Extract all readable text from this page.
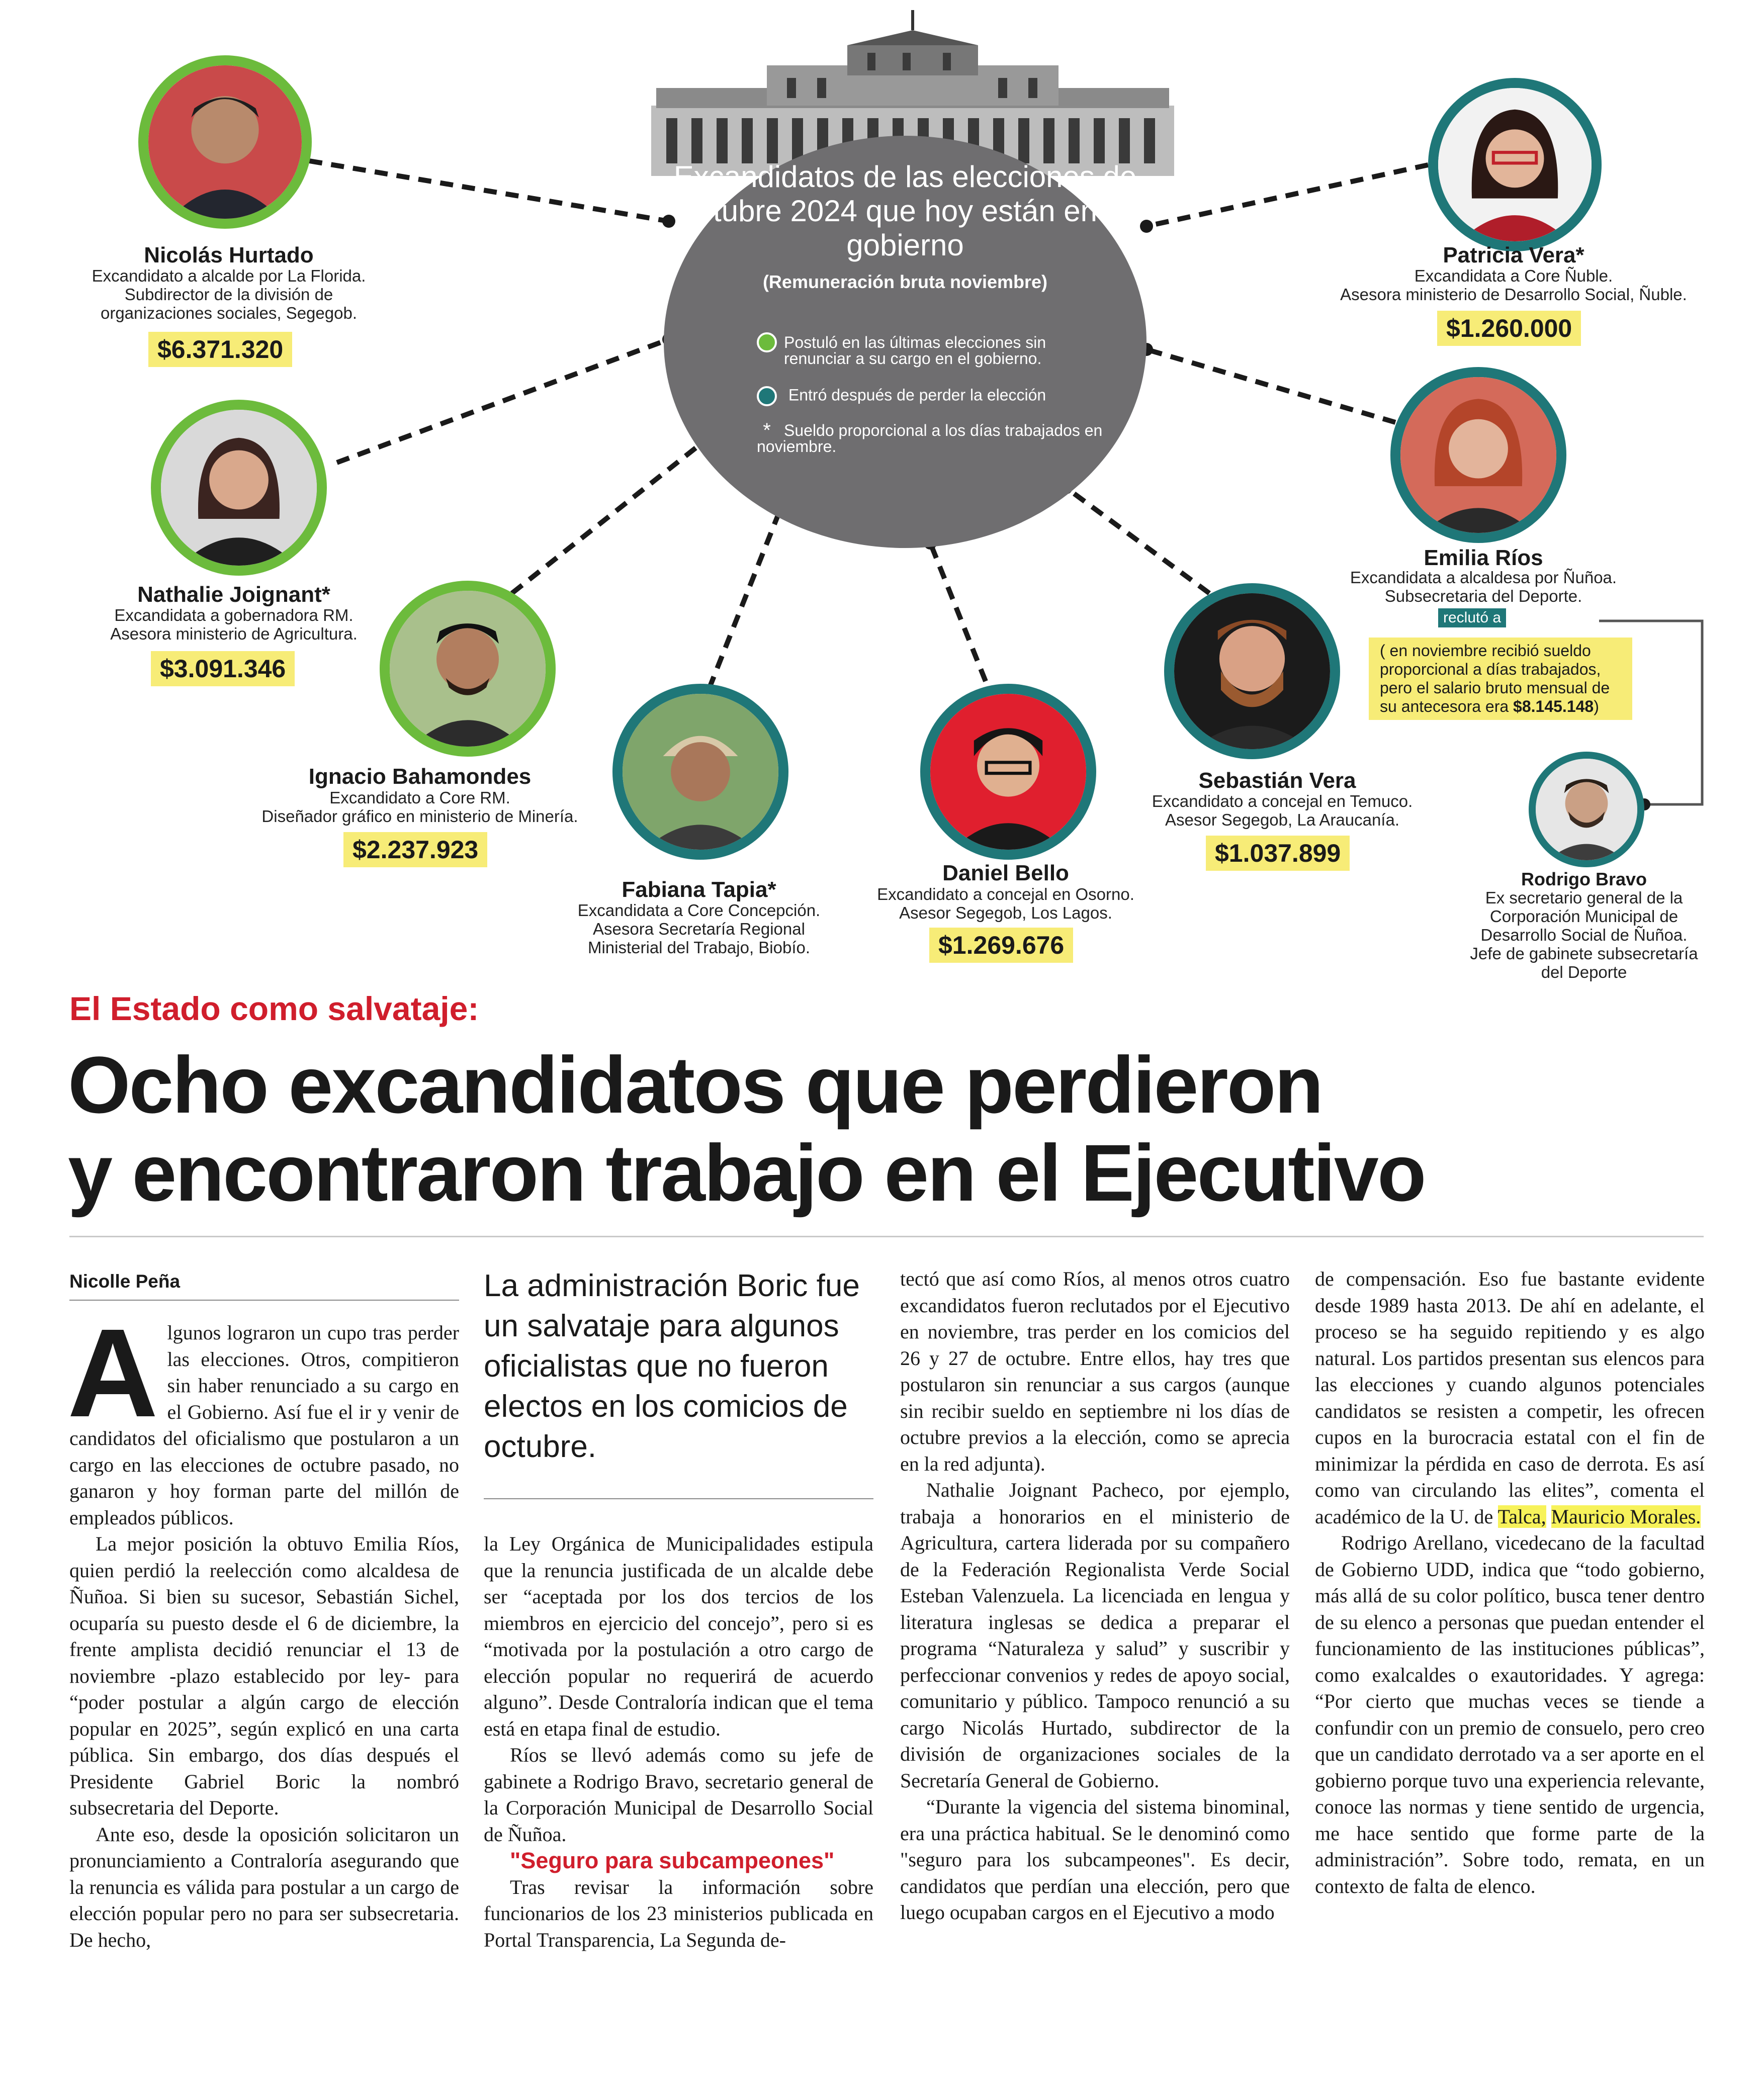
Excandidatos de las elecciones de octubre 2024 que hoy están en el gobierno
(Remuneración bruta noviembre)
Postuló en las últimas elecciones sin renunciar a su cargo en el gobierno.
Entró después de perder la elección
* Sueldo proporcional a los días trabajados en noviembre.
Nicolás Hurtado
Excandidato a alcalde por La Florida.
Subdirector de la división de
organizaciones sociales, Segegob.
$6.371.320
Nathalie Joignant*
Excandidata a gobernadora RM.
Asesora ministerio de Agricultura.
$3.091.346
Ignacio Bahamondes
Excandidato a Core RM.
Diseñador gráfico en ministerio de Minería.
$2.237.923
Fabiana Tapia*
Excandidata a Core Concepción.
Asesora Secretaría Regional
Ministerial del Trabajo, Biobío.
Daniel Bello
Excandidato a concejal en Osorno.
Asesor Segegob, Los Lagos.
$1.269.676
Sebastián Vera
Excandidato a concejal en Temuco.
Asesor Segegob, La Araucanía.
$1.037.899
Emilia Ríos
Excandidata a alcaldesa por Ñuñoa.
Subsecretaria del Deporte.
reclutó a
( en noviembre recibió sueldo
proporcional a días trabajados,
pero el salario bruto mensual de
su antecesora era $8.145.148)
Patricia Vera*
Excandidata a Core Ñuble.
Asesora ministerio de Desarrollo Social, Ñuble.
$1.260.000
Rodrigo Bravo
Ex secretario general de la
Corporación Municipal de
Desarrollo Social de Ñuñoa.
Jefe de gabinete subsecretaría
del Deporte
El Estado como salvataje:
Ocho excandidatos que perdieron
y encontraron trabajo en el Ejecutivo
Nicolle Peña

Algunos lograron un cupo tras perder las elecciones. Otros, compitieron sin haber renunciado a su cargo en el Gobierno. Así fue el ir y venir de candidatos del oficialismo que postularon a un cargo en las elecciones de octubre pasado, no ganaron y hoy forman parte del millón de empleados públicos.

La mejor posición la obtuvo Emilia Ríos, quien perdió la reelección como alcaldesa de Ñuñoa. Si bien su sucesor, Sebastián Sichel, ocuparía su puesto desde el 6 de diciembre, la frente amplista decidió renunciar el 13 de noviembre -plazo establecido por ley- para “poder postular a algún cargo de elección popular en 2025”, según explicó en una carta pública. Sin embargo, dos días después el Presidente Gabriel Boric la nombró subsecretaria del Deporte.

Ante eso, desde la oposición solicitaron un pronunciamiento a Contraloría asegurando que la renuncia es válida para postular a un cargo de elección popular pero no para ser subsecretaria. De hecho,

La administración Boric fue un salvataje para algunos oficialistas que no fueron electos en los comicios de octubre.

la Ley Orgánica de Municipalidades estipula que la renuncia justificada de un alcalde debe ser “aceptada por los dos tercios de los miembros en ejercicio del concejo”, pero si es “motivada por la postulación a otro cargo de elección popular no requerirá de acuerdo alguno”. Desde Contraloría indican que el tema está en etapa final de estudio.

Ríos se llevó además como su jefe de gabinete a Rodrigo Bravo, secretario general de la Corporación Municipal de Desarrollo Social de Ñuñoa.

"Seguro para subcampeones"

Tras revisar la información sobre funcionarios de los 23 ministerios publicada en Portal Transparencia, La Segunda de-

tectó que así como Ríos, al menos otros cuatro excandidatos fueron reclutados por el Ejecutivo en noviembre, tras perder en los comicios del 26 y 27 de octubre. Entre ellos, hay tres que postularon sin renunciar a sus cargos (aunque sin recibir sueldo en septiembre ni los días de octubre previos a la elección, como se aprecia en la red adjunta).

Nathalie Joignant Pacheco, por ejemplo, trabaja a honorarios en el ministerio de Agricultura, cartera liderada por su compañero de la Federación Regionalista Verde Social Esteban Valenzuela. La licenciada en lengua y literatura inglesas se dedica a preparar el programa “Naturaleza y salud” y suscribir y perfeccionar convenios y redes de apoyo social, comunitario y público. Tampoco renunció a su cargo Nicolás Hurtado, subdirector de la división de organizaciones sociales de la Secretaría General de Gobierno.

“Durante la vigencia del sistema binominal, era una práctica habitual. Se le denominó como "seguro para los subcampeones". Es decir, candidatos que perdían una elección, pero que luego ocupaban cargos en el Ejecutivo a modo

de compensación. Eso fue bastante evidente desde 1989 hasta 2013. De ahí en adelante, el proceso se ha seguido repitiendo y es algo natural. Los partidos presentan sus elencos para las elecciones y cuando algunos potenciales candidatos se resisten a competir, les ofrecen cupos en la burocracia estatal con el fin de minimizar la pérdida en caso de derrota. Es así como van circulando las elites”, comenta el académico de la U. de Talca, Mauricio Morales.

Rodrigo Arellano, vicedecano de la facultad de Gobierno UDD, indica que “todo gobierno, más allá de su color político, busca tener dentro de su elenco a personas que puedan entender el funcionamiento de las instituciones públicas”, como exalcaldes o exautoridades. Y agrega: “Por cierto que muchas veces se tiende a confundir con un premio de consuelo, pero creo que un candidato derrotado va a ser aporte en el gobierno porque tuvo una experiencia relevante, conoce las normas y tiene sentido de urgencia, me hace sentido que forme parte de la administración”. Sobre todo, remata, en un contexto de falta de elenco.
